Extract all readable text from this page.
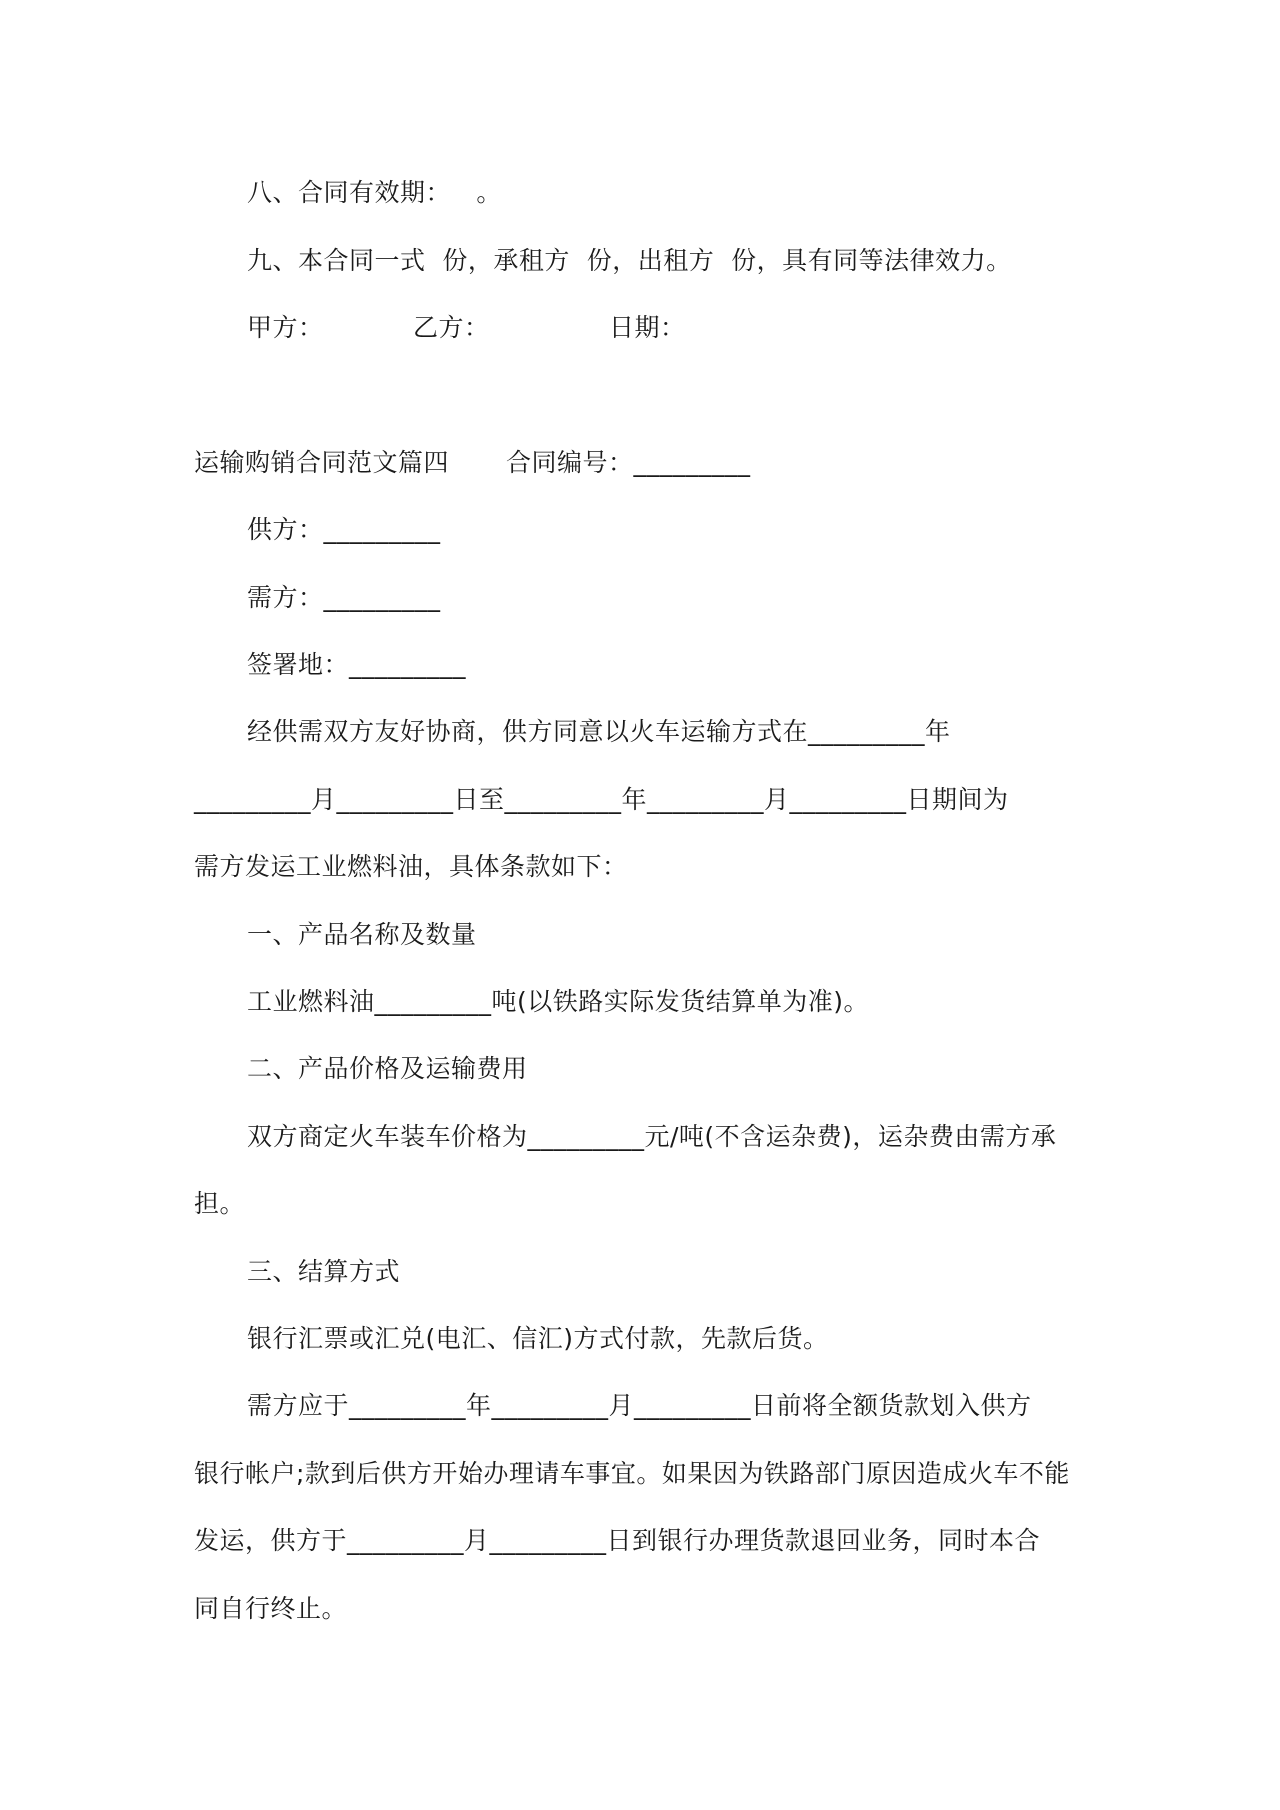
八、合同有效期：   。
九、本合同一式  份，承租方  份，出租方  份，具有同等法律效力。

甲方：

	乙方：

	日期：

运输购销合同范文篇四

合同编号：_________

供方：_________
需方：_________
签署地：_________
经供需双方友好协商，供方同意以火车运输方式在_________年
_________月_________日至_________年_________月_________日期间为
需方发运工业燃料油，具体条款如下：
一、产品名称及数量
工业燃料油_________吨(以铁路实际发货结算单为准)。
二、产品价格及运输费用
双方商定火车装车价格为_________元/吨(不含运杂费)，运杂费由需方承
担。
三、结算方式
银行汇票或汇兑(电汇、信汇)方式付款，先款后货。
需方应于_________年_________月_________日前将全额货款划入供方
银行帐户;款到后供方开始办理请车事宜。如果因为铁路部门原因造成火车不能
发运，供方于_________月_________日到银行办理货款退回业务，同时本合
同自行终止。
